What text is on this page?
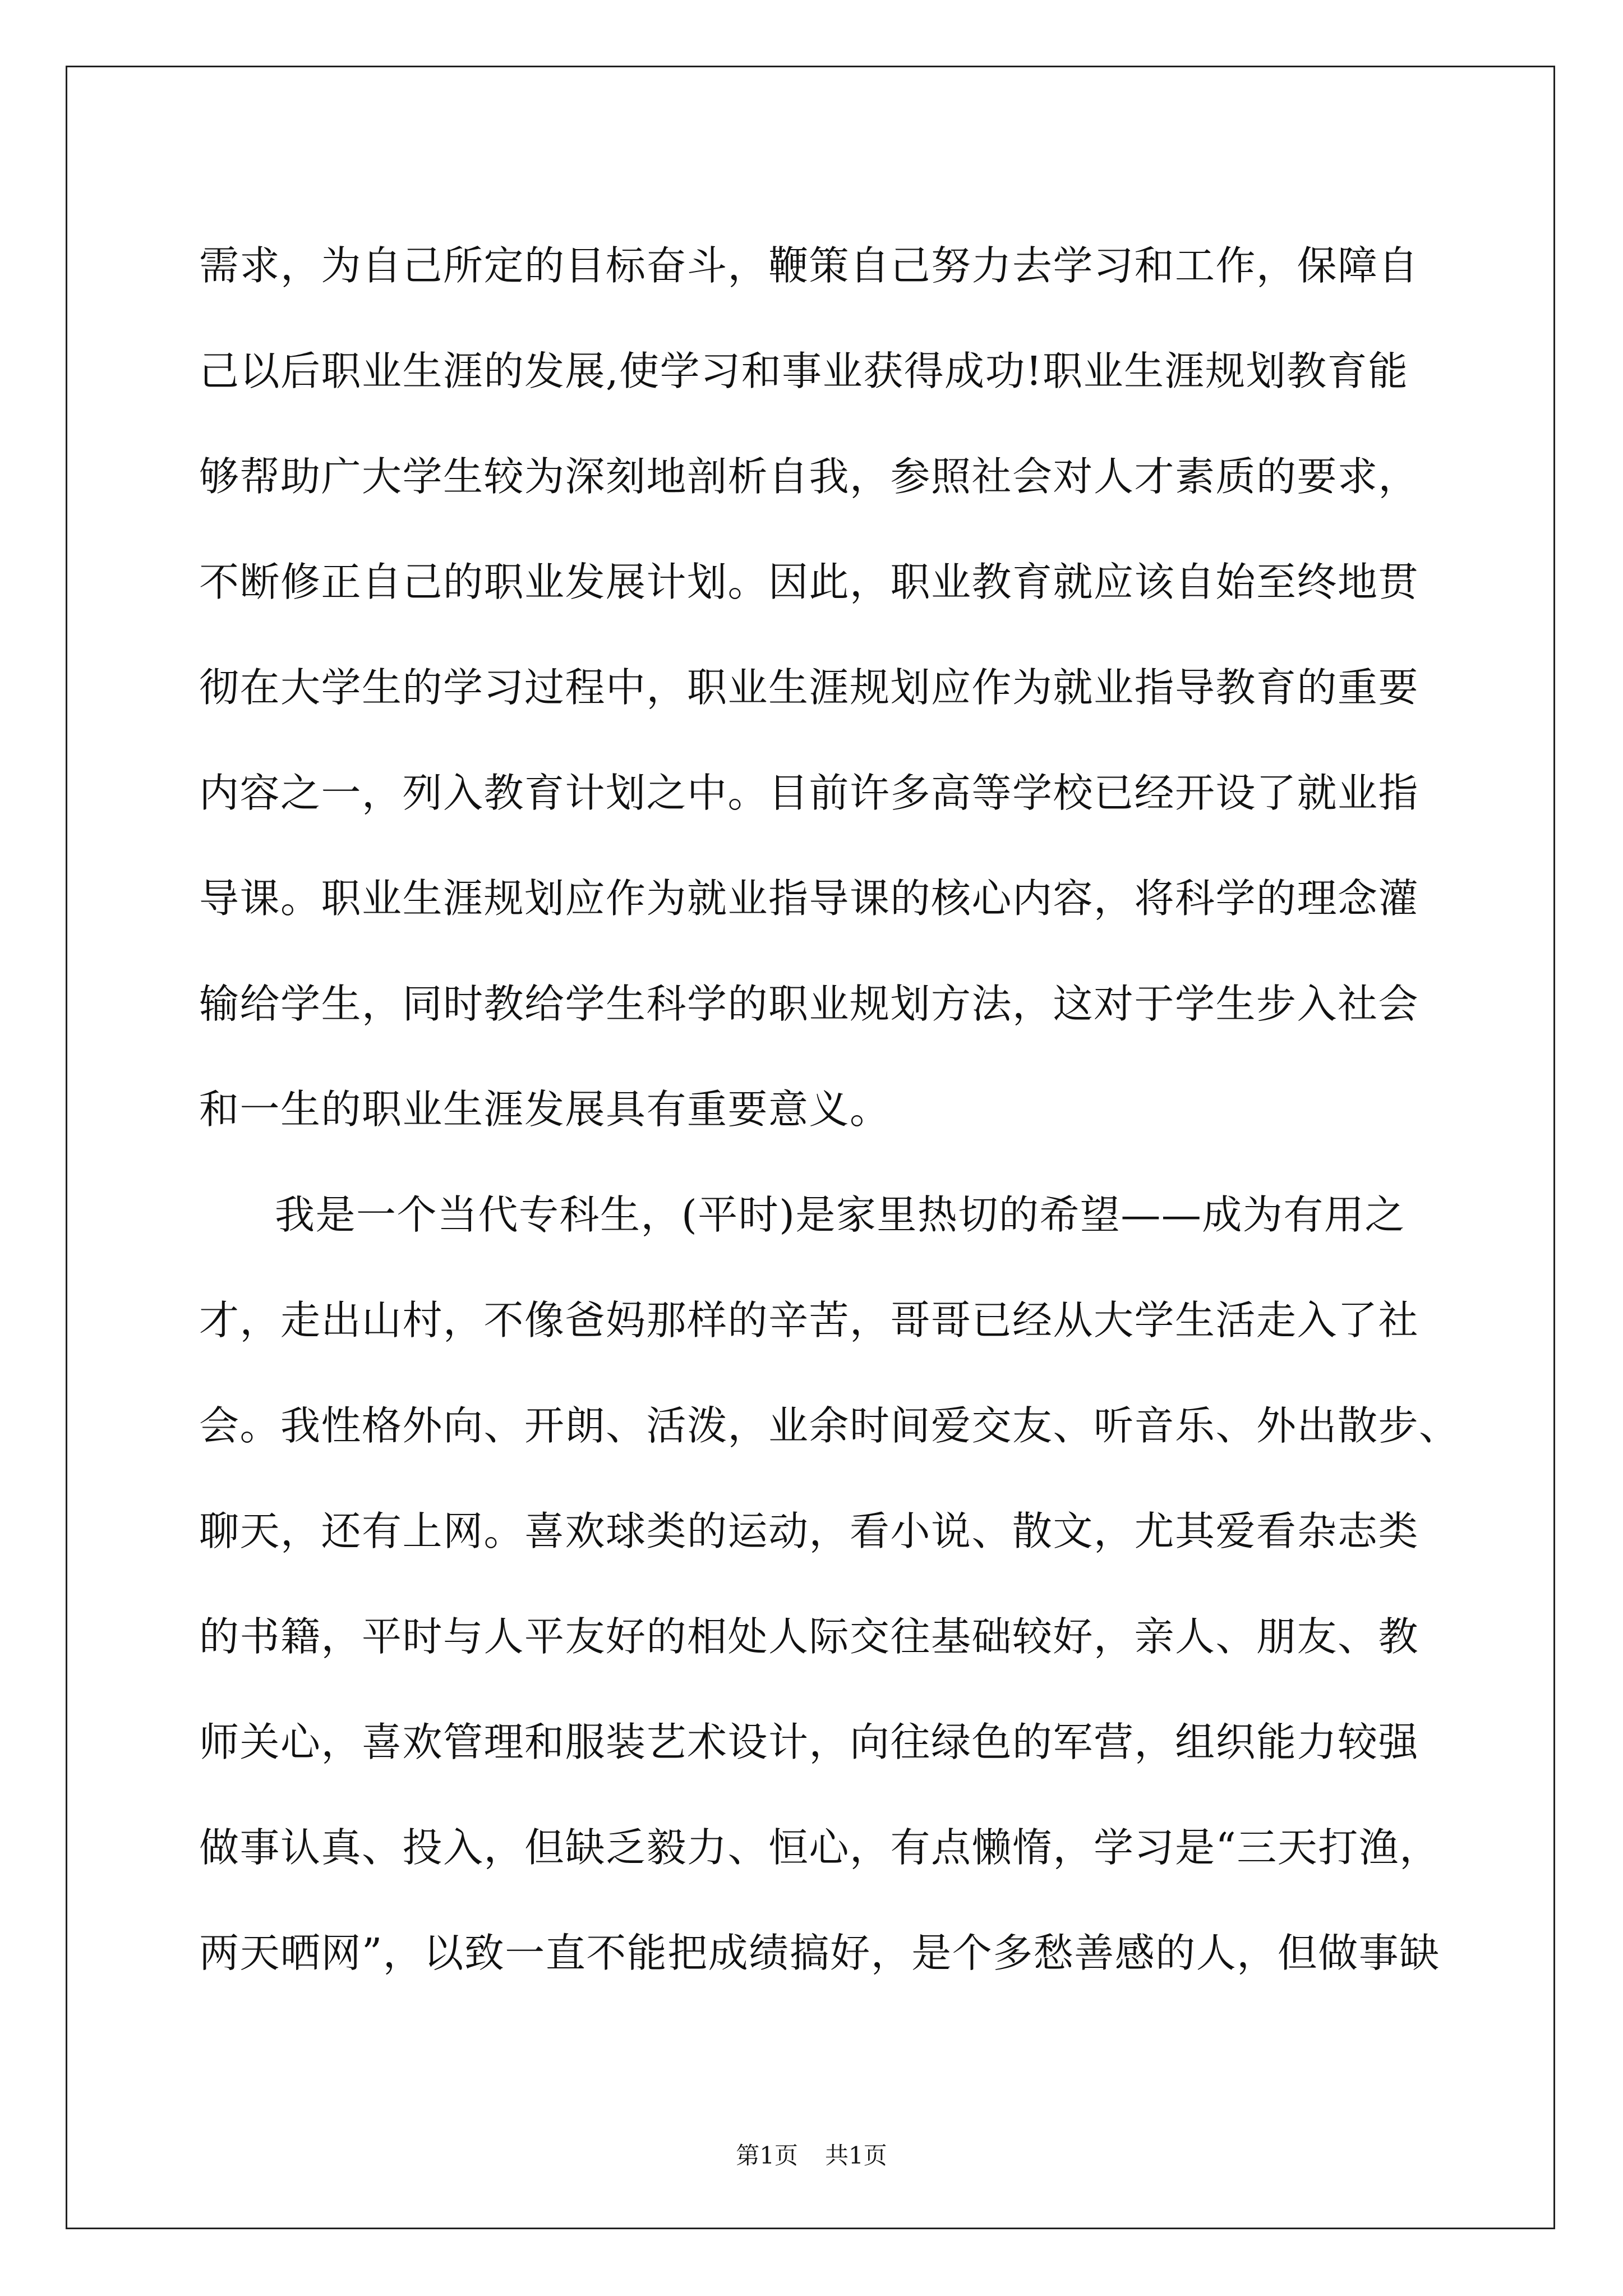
需求，为自己所定的目标奋斗，鞭策自己努力去学习和工作，保障自
己以后职业生涯的发展,使学习和事业获得成功!职业生涯规划教育能
够帮助广大学生较为深刻地剖析自我，参照社会对人才素质的要求，
不断修正自己的职业发展计划。因此，职业教育就应该自始至终地贯
彻在大学生的学习过程中，职业生涯规划应作为就业指导教育的重要
内容之一，列入教育计划之中。目前许多高等学校已经开设了就业指
导课。职业生涯规划应作为就业指导课的核心内容，将科学的理念灌
输给学生，同时教给学生科学的职业规划方法，这对于学生步入社会
和一生的职业生涯发展具有重要意义。
我是一个当代专科生，(平时)是家里热切的希望——成为有用之
才，走出山村，不像爸妈那样的辛苦，哥哥已经从大学生活走入了社
会。我性格外向、开朗、活泼，业余时间爱交友、听音乐、外出散步、
聊天，还有上网。喜欢球类的运动，看小说、散文，尤其爱看杂志类
的书籍，平时与人平友好的相处人际交往基础较好，亲人、朋友、教
师关心，喜欢管理和服装艺术设计，向往绿色的军营，组织能力较强
做事认真、投入，但缺乏毅力、恒心，有点懒惰，学习是“三天打渔，
两天晒网”，以致一直不能把成绩搞好，是个多愁善感的人，但做事缺
第1页 共1页
